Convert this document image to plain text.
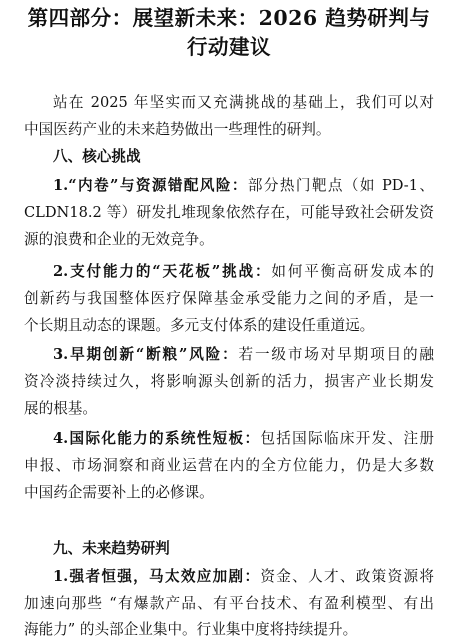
第四部分：展望新未来：2026 趋势研判与
行动建议

站在 2025 年坚实而又充满挑战的基础上，我们可以对

中国医药产业的未来趋势做出一些理性的研判。

八、核心挑战

1.“内卷”与资源错配风险：部分热门靶点（如 PD-1、

CLDN18.2 等）研发扎堆现象依然存在，可能导致社会研发资

源的浪费和企业的无效竞争。

2.支付能力的“天花板”挑战：如何平衡高研发成本的

创新药与我国整体医疗保障基金承受能力之间的矛盾，是一

个长期且动态的课题。多元支付体系的建设任重道远。

3.早期创新“断粮”风险：若一级市场对早期项目的融

资冷淡持续过久，将影响源头创新的活力，损害产业长期发

展的根基。

4.国际化能力的系统性短板：包括国际临床开发、注册

申报、市场洞察和商业运营在内的全方位能力，仍是大多数

中国药企需要补上的必修课。

九、未来趋势研判

1.强者恒强，马太效应加剧：资金、人才、政策资源将

加速向那些 “有爆款产品、有平台技术、有盈利模型、有出

海能力” 的头部企业集中。行业集中度将持续提升。
